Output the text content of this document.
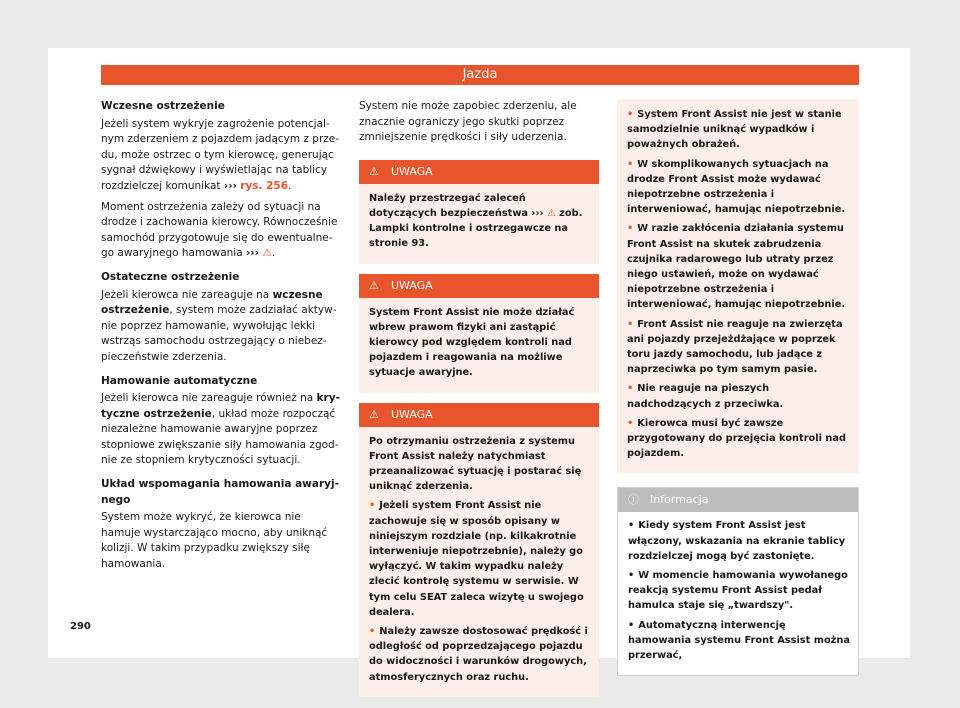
Jazda
Wczesne ostrzeżenie

Jeżeli system wykryje zagrożenie potencjalnym zderzeniem z pojazdem jadącym z przedu, może ostrzec o tym kierowcę, generując sygnał dźwiękowy i wyświetlając na tablicy rozdzielczej komunikat ››› rys. 256.

Moment ostrzeżenia zależy od sytuacji na drodze i zachowania kierowcy. Równocześnie samochód przygotowuje się do ewentualnego awaryjnego hamowania ››› ⚠.

Ostateczne ostrzeżenie

Jeżeli kierowca nie zareaguje na wczesne ostrzeżenie, system może zadziałać aktywnie poprzez hamowanie, wywołując lekki wstrząs samochodu ostrzegający o niebezpieczeństwie zderzenia.

Hamowanie automatyczne

Jeżeli kierowca nie zareaguje również na krytyczne ostrzeżenie, układ może rozpocząć niezależne hamowanie awaryjne poprzez stopniowe zwiększanie siły hamowania zgodnie ze stopniem krytyczności sytuacji.

Układ wspomagania hamowania awaryjnego

System może wykryć, że kierowca nie hamuje wystarczająco mocno, aby uniknąć kolizji. W takim przypadku zwiększy siłę hamowania.

System nie może zapobiec zderzeniu, ale znacznie ograniczy jego skutki poprzez zmniejszenie prędkości i siły uderzenia.

⚠ UWAGA

Należy przestrzegać zaleceń dotyczących bezpieczeństwa ››› ⚠ zob. Lampki kontrolne i ostrzegawcze na stronie 93.

⚠ UWAGA

System Front Assist nie może działać wbrew prawom fizyki ani zastąpić kierowcy pod względem kontroli nad pojazdem i reagowania na możliwe sytuacje awaryjne.

⚠ UWAGA

Po otrzymaniu ostrzeżenia z systemu Front Assist należy natychmiast przeanalizować sytuację i postarać się uniknąć zderzenia.

• Jeżeli system Front Assist nie zachowuje się w sposób opisany w niniejszym rozdziale (np. kilkakrotnie interweniuje niepotrzebnie), należy go wyłączyć. W takim wypadku należy zlecić kontrolę systemu w serwisie. W tym celu SEAT zaleca wizytę u swojego dealera.

• Należy zawsze dostosować prędkość i odległość od poprzedzającego pojazdu do widoczności i warunków drogowych, atmosferycznych oraz ruchu.

• System Front Assist nie jest w stanie samodzielnie uniknąć wypadków i poważnych obrażeń.

• W skomplikowanych sytuacjach na drodze Front Assist może wydawać niepotrzebne ostrzeżenia i interweniować, hamując niepotrzebnie.

• W razie zakłócenia działania systemu Front Assist na skutek zabrudzenia czujnika radarowego lub utraty przez niego ustawień, może on wydawać niepotrzebne ostrzeżenia i interweniować, hamując niepotrzebnie.

• Front Assist nie reaguje na zwierzęta ani pojazdy przejeżdżające w poprzek toru jazdy samochodu, lub jadące z naprzeciwka po tym samym pasie.

• Nie reaguje na pieszych nadchodzących z przeciwka.

• Kierowca musi być zawsze przygotowany do przejęcia kontroli nad pojazdem.

ⓘ Informacja

• Kiedy system Front Assist jest włączony, wskazania na ekranie tablicy rozdzielczej mogą być zastonięte.

• W momencie hamowania wywołanego reakcją systemu Front Assist pedał hamulca staje się „twardszy".

• Automatyczną interwencję hamowania systemu Front Assist można przerwać,

290
